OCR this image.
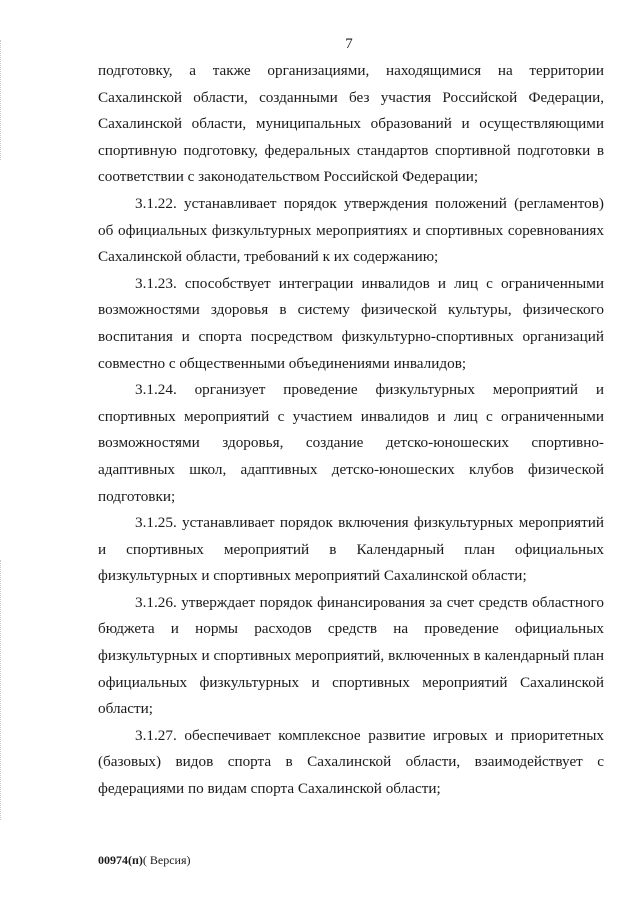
7

подготовку, а также организациями, находящимися на территории Сахалинской области, созданными без участия Российской Федерации, Сахалинской области, муниципальных образований и осуществляющими спортивную подготовку, федеральных стандартов спортивной подготовки в соответствии с законодательством Российской Федерации;

3.1.22. устанавливает порядок утверждения положений (регламентов) об официальных физкультурных мероприятиях и спортивных соревнованиях Сахалинской области, требований к их содержанию;

3.1.23. способствует интеграции инвалидов и лиц с ограниченными возможностями здоровья в систему физической культуры, физического воспитания и спорта посредством физкультурно-спортивных организаций совместно с общественными объединениями инвалидов;

3.1.24. организует проведение физкультурных мероприятий и спортивных мероприятий с участием инвалидов и лиц с ограниченными возможностями здоровья, создание детско-юношеских спортивно-адаптивных школ, адаптивных детско-юношеских клубов физической подготовки;

3.1.25. устанавливает порядок включения физкультурных мероприятий и спортивных мероприятий в Календарный план официальных физкультурных и спортивных мероприятий Сахалинской области;

3.1.26. утверждает порядок финансирования за счет средств областного бюджета и нормы расходов средств на проведение официальных физкультурных и спортивных мероприятий, включенных в календарный план официальных физкультурных и спортивных мероприятий Сахалинской области;

3.1.27. обеспечивает комплексное развитие игровых и приоритетных (базовых) видов спорта в Сахалинской области, взаимодействует с федерациями по видам спорта Сахалинской области;

00974(п)( Версия)
